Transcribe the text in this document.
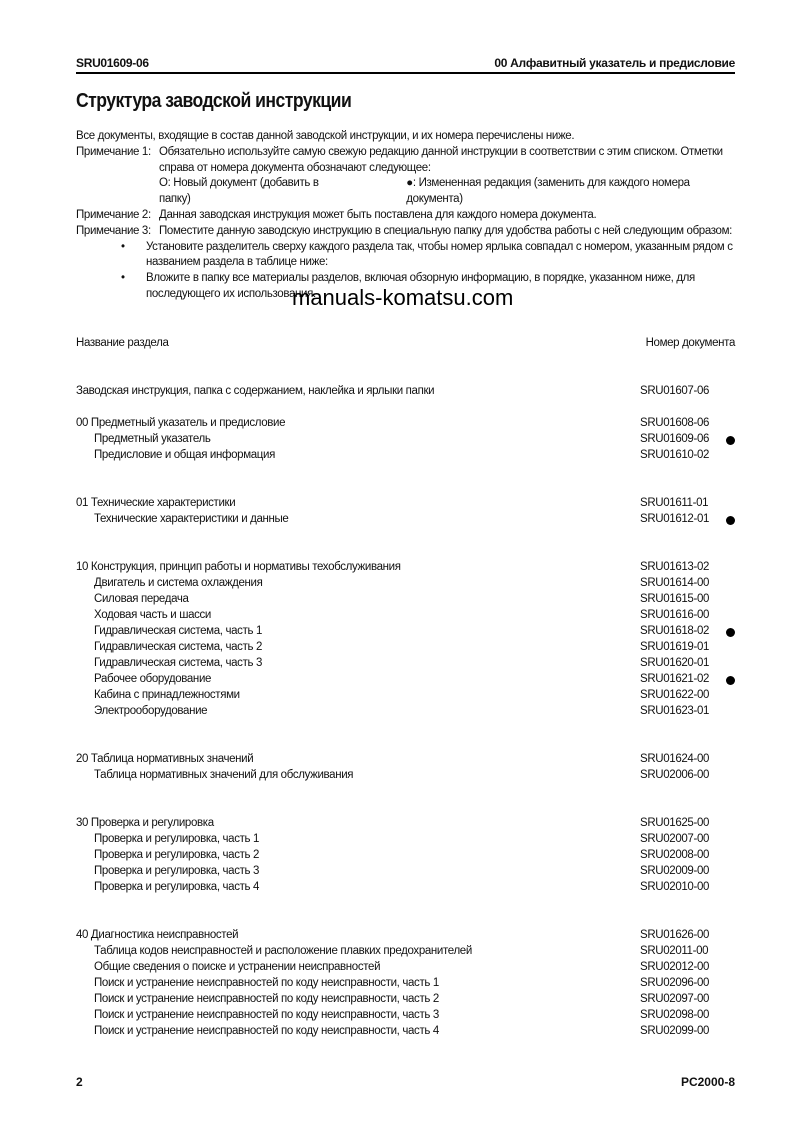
SRU01609-06	00 Алфавитный указатель и предисловие
Структура заводской инструкции
Все документы, входящие в состав данной заводской инструкции, и их номера перечислены ниже.
Примечание 1: Обязательно используйте самую свежую редакцию данной инструкции в соответствии с этим списком. Отметки справа от номера документа обозначают следующее:
О: Новый документ (добавить в папку)
●: Измененная редакция (заменить для каждого номера документа)
Примечание 2: Данная заводская инструкция может быть поставлена для каждого номера документа.
Примечание 3: Поместите данную заводскую инструкцию в специальную папку для удобства работы с ней следующим образом:
•	Установите разделитель сверху каждого раздела так, чтобы номер ярлыка совпадал с номером, указанным рядом с названием раздела в таблице ниже:
•	Вложите в папку все материалы разделов, включая обзорную информацию, в порядке, указанном ниже, для последующего их использования.
manuals-komatsu.com
Название раздела	Номер документа
Заводская инструкция, папка с содержанием, наклейка и ярлыки папки	SRU01607-06
00 Предметный указатель и предисловие	SRU01608-06
Предметный указатель	SRU01609-06
Предисловие и общая информация	SRU01610-02
01 Технические характеристики	SRU01611-01
Технические характеристики и данные	SRU01612-01
10 Конструкция, принцип работы и нормативы техобслуживания	SRU01613-02
Двигатель и система охлаждения	SRU01614-00
Силовая передача	SRU01615-00
Ходовая часть и шасси	SRU01616-00
Гидравлическая система, часть 1	SRU01618-02
Гидравлическая система, часть 2	SRU01619-01
Гидравлическая система, часть 3	SRU01620-01
Рабочее оборудование	SRU01621-02
Кабина с принадлежностями	SRU01622-00
Электрооборудование	SRU01623-01
20 Таблица нормативных значений	SRU01624-00
Таблица нормативных значений для обслуживания	SRU02006-00
30 Проверка и регулировка	SRU01625-00
Проверка и регулировка, часть 1	SRU02007-00
Проверка и регулировка, часть 2	SRU02008-00
Проверка и регулировка, часть 3	SRU02009-00
Проверка и регулировка, часть 4	SRU02010-00
40 Диагностика неисправностей	SRU01626-00
Таблица кодов неисправностей и расположение плавких предохранителей	SRU02011-00
Общие сведения о поиске и устранении неисправностей	SRU02012-00
Поиск и устранение неисправностей по коду неисправности, часть 1	SRU02096-00
Поиск и устранение неисправностей по коду неисправности, часть 2	SRU02097-00
Поиск и устранение неисправностей по коду неисправности, часть 3	SRU02098-00
Поиск и устранение неисправностей по коду неисправности, часть 4	SRU02099-00
2	PC2000-8
